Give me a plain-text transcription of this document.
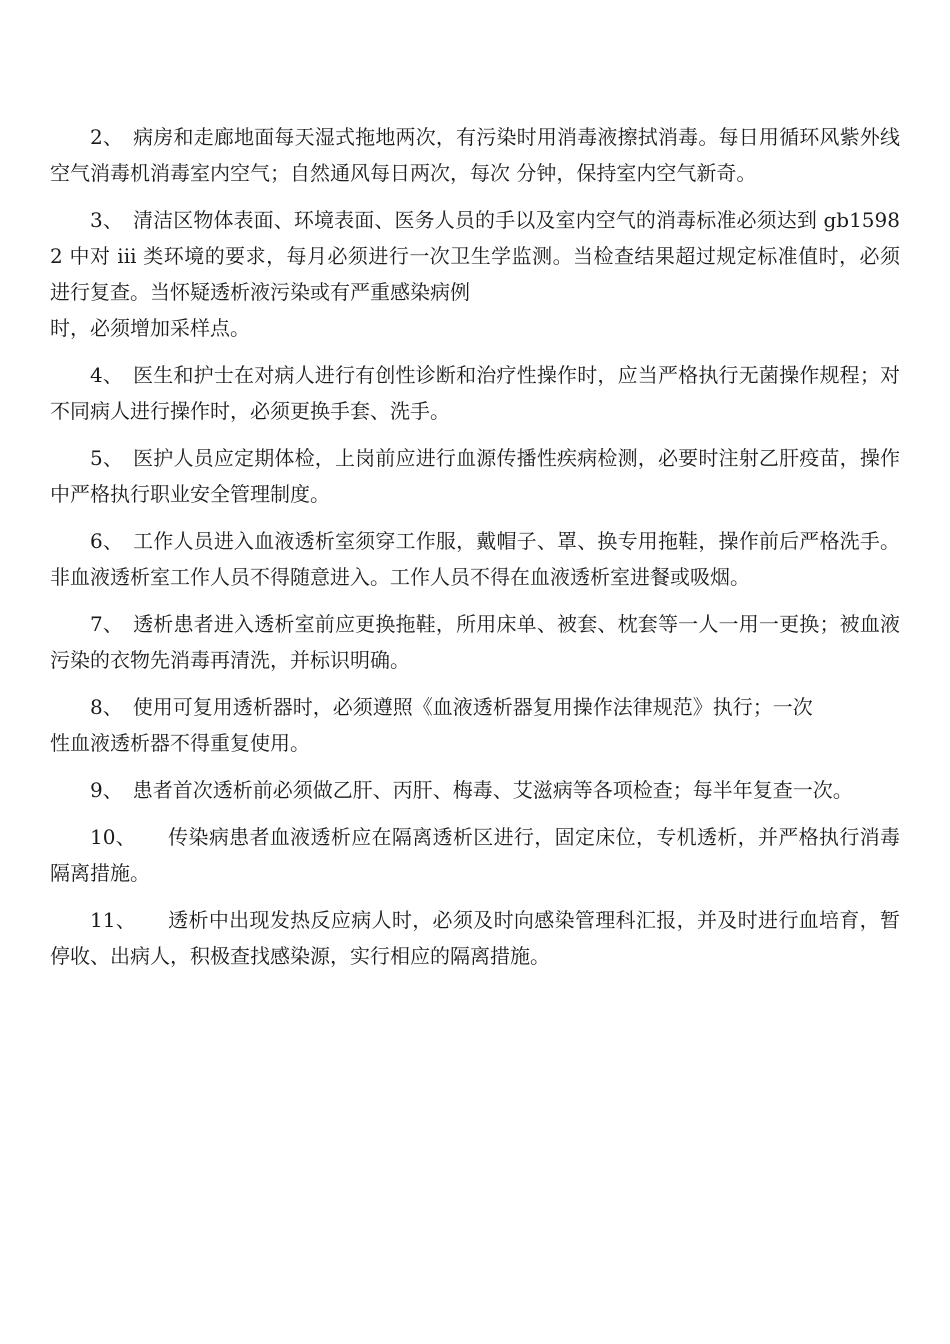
2、 病房和走廊地面每天湿式拖地两次，有污染时用消毒液擦拭消毒。每日用循环风紫外线空气消毒机消毒室内空气；自然通风每日两次，每次 分钟，保持室内空气新奇。

3、 清洁区物体表面、环境表面、医务人员的手以及室内空气的消毒标准必须达到 gb15982 中对 iii 类环境的要求，每月必须进行一次卫生学监测。当检查结果超过规定标准值时，必须进行复查。当怀疑透析液污染或有严重感染病例
时，必须增加采样点。

4、 医生和护士在对病人进行有创性诊断和治疗性操作时，应当严格执行无菌操作规程；对不同病人进行操作时，必须更换手套、洗手。

5、 医护人员应定期体检，上岗前应进行血源传播性疾病检测，必要时注射乙肝疫苗，操作中严格执行职业安全管理制度。

6、 工作人员进入血液透析室须穿工作服，戴帽子、罩、换专用拖鞋，操作前后严格洗手。非血液透析室工作人员不得随意进入。工作人员不得在血液透析室进餐或吸烟。

7、 透析患者进入透析室前应更换拖鞋，所用床单、被套、枕套等一人一用一更换；被血液污染的衣物先消毒再清洗，并标识明确。

8、 使用可复用透析器时，必须遵照《血液透析器复用操作法律规范》执行；一次
性血液透析器不得重复使用。

9、 患者首次透析前必须做乙肝、丙肝、梅毒、艾滋病等各项检查；每半年复查一次。

10、 传染病患者血液透析应在隔离透析区进行，固定床位，专机透析，并严格执行消毒隔离措施。

11、 透析中出现发热反应病人时，必须及时向感染管理科汇报，并及时进行血培育，暂停收、出病人，积极查找感染源，实行相应的隔离措施。
